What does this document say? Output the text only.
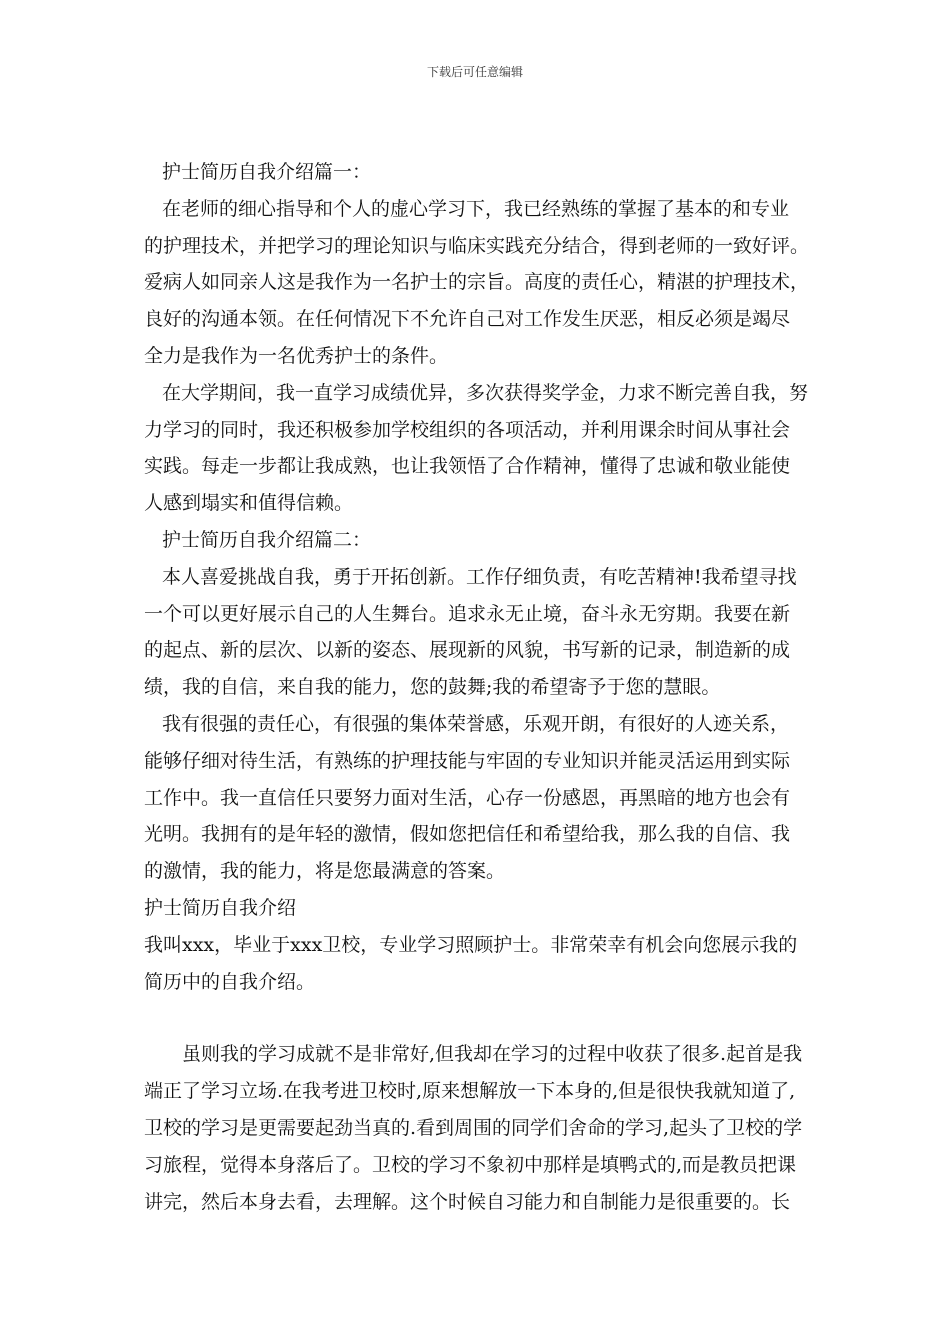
下载后可任意编辑
护士简历自我介绍篇一：
在老师的细心指导和个人的虚心学习下，我已经熟练的掌握了基本的和专业
的护理技术，并把学习的理论知识与临床实践充分结合，得到老师的一致好评。
爱病人如同亲人这是我作为一名护士的宗旨。高度的责任心，精湛的护理技术，
良好的沟通本领。在任何情况下不允许自己对工作发生厌恶，相反必须是竭尽
全力是我作为一名优秀护士的条件。
在大学期间，我一直学习成绩优异，多次获得奖学金，力求不断完善自我，努
力学习的同时，我还积极参加学校组织的各项活动，并利用课余时间从事社会
实践。每走一步都让我成熟，也让我领悟了合作精神，懂得了忠诚和敬业能使
人感到塌实和值得信赖。
护士简历自我介绍篇二：
本人喜爱挑战自我，勇于开拓创新。工作仔细负责，有吃苦精神!我希望寻找
一个可以更好展示自己的人生舞台。追求永无止境，奋斗永无穷期。我要在新
的起点、新的层次、以新的姿态、展现新的风貌，书写新的记录，制造新的成
绩，我的自信，来自我的能力，您的鼓舞;我的希望寄予于您的慧眼。
我有很强的责任心，有很强的集体荣誉感，乐观开朗，有很好的人迹关系，
能够仔细对待生活，有熟练的护理技能与牢固的专业知识并能灵活运用到实际
工作中。我一直信任只要努力面对生活，心存一份感恩，再黑暗的地方也会有
光明。我拥有的是年轻的激情，假如您把信任和希望给我，那么我的自信、我
的激情，我的能力，将是您最满意的答案。
护士简历自我介绍
我叫xxx，毕业于xxx卫校，专业学习照顾护士。非常荣幸有机会向您展示我的
简历中的自我介绍。
虽则我的学习成就不是非常好,但我却在学习的过程中收获了很多.起首是我
端正了学习立场.在我考进卫校时,原来想解放一下本身的,但是很快我就知道了,
卫校的学习是更需要起劲当真的.看到周围的同学们舍命的学习,起头了卫校的学
习旅程，觉得本身落后了。卫校的学习不象初中那样是填鸭式的,而是教员把课
讲完，然后本身去看，去理解。这个时候自习能力和自制能力是很重要的。长
